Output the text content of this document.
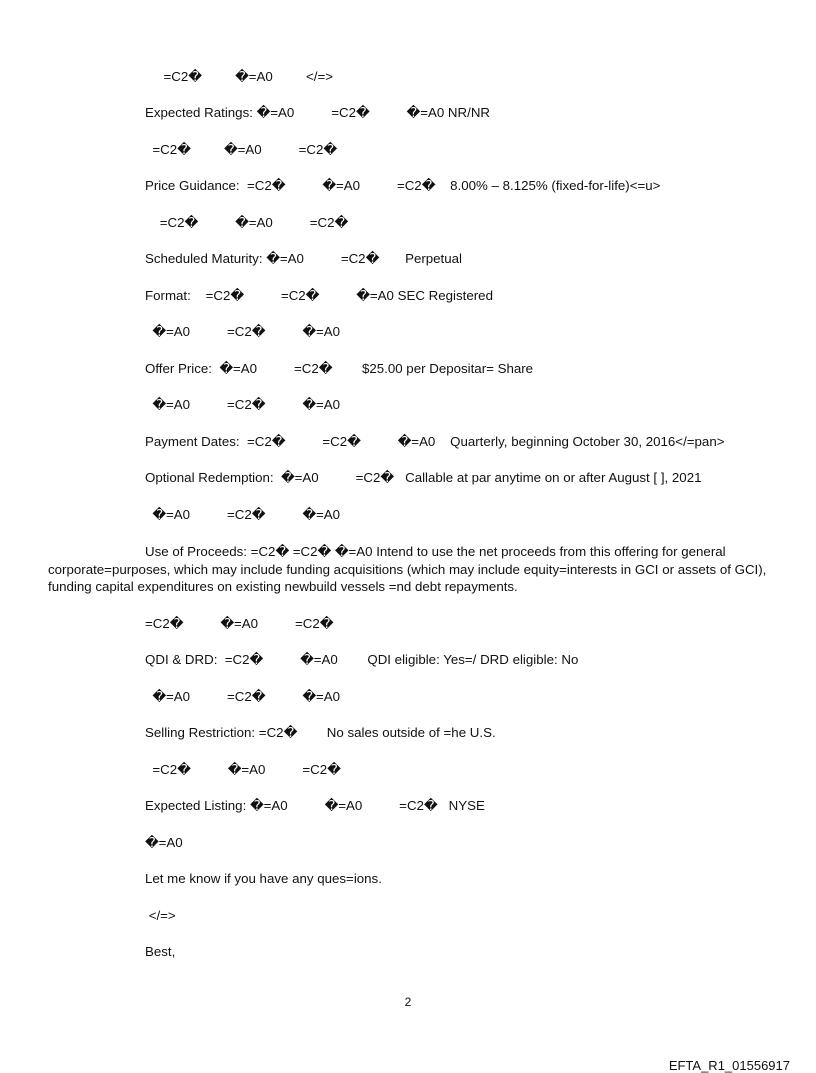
=C2�         �=A0         </=>
Expected Ratings: �=A0          =C2�          �=A0 NR/NR
=C2�         �=A0          =C2�
Price Guidance:  =C2�          �=A0          =C2�    8.00% – 8.125% (fixed-for-life)<=u>
=C2�          �=A0          =C2�
Scheduled Maturity: �=A0          =C2�       Perpetual
Format:    =C2�          =C2�          �=A0 SEC Registered
�=A0          =C2�          �=A0
Offer Price:  �=A0          =C2�        $25.00 per Depositar= Share
�=A0          =C2�          �=A0
Payment Dates:  =C2�          =C2�          �=A0    Quarterly, beginning October 30, 2016</=pan>
Optional Redemption:  �=A0          =C2�   Callable at par anytime on or after August [ ], 2021
�=A0          =C2�          �=A0
Use of Proceeds: =C2� =C2� �=A0 Intend to use the net proceeds from this offering for general corporate=purposes, which may include funding acquisitions (which may include equity=interests in GCI or assets of GCI), funding capital expenditures on existing newbuild vessels =nd debt repayments.
=C2�          �=A0          =C2�
QDI & DRD:  =C2�          �=A0        QDI eligible: Yes=/ DRD eligible: No
�=A0          =C2�          �=A0
Selling Restriction: =C2�        No sales outside of =he U.S.
=C2�          �=A0          =C2�
Expected Listing: �=A0          �=A0          =C2�   NYSE
�=A0
Let me know if you have any ques=ions.
</=>
Best,
2
EFTA_R1_01556917
